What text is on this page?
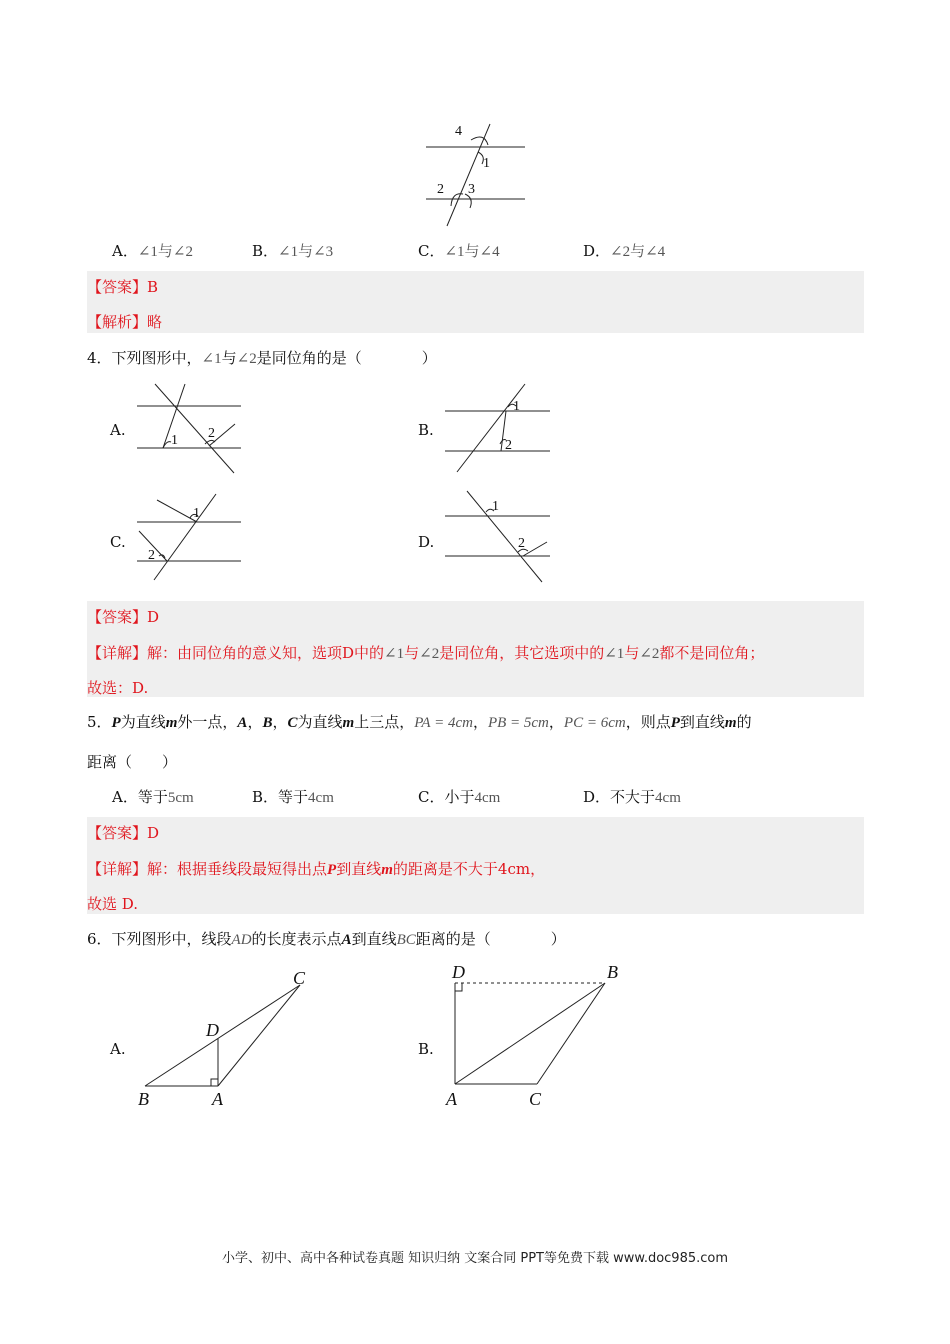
4
1
2 3
A．∠1与∠2	B．∠1与∠3	C．∠1与∠4	D．∠2与∠4
【答案】B
【解析】略
4．下列图形中，∠1与∠2是同位角的是（　　　　）
A.
1 2	B.
1
2
C.
1
2
D.
1
2
【答案】D
【详解】解：由同位角的意义知，选项D中的∠1与∠2是同位角，其它选项中的∠1与∠2都不是同位角；
故选：D.
5．P为直线m外一点，A，B，C为直线m上三点，PA = 4cm，PB = 5cm，PC = 6cm，则点P到直线m的
距离（　　）
A．等于5cm	B．等于4cm	C．小于4cm	D．不大于4cm
【答案】D
【详解】解：根据垂线段最短得出点P到直线m的距离是不大于4cm，
故选 D.
6．下列图形中，线段AD的长度表示点A到直线BC距离的是（　　　　）
A.
C
D
B	A
B.
D	B
A	C
小学、初中、高中各种试卷真题 知识归纳 文案合同 PPT等免费下载 www.doc985.com
